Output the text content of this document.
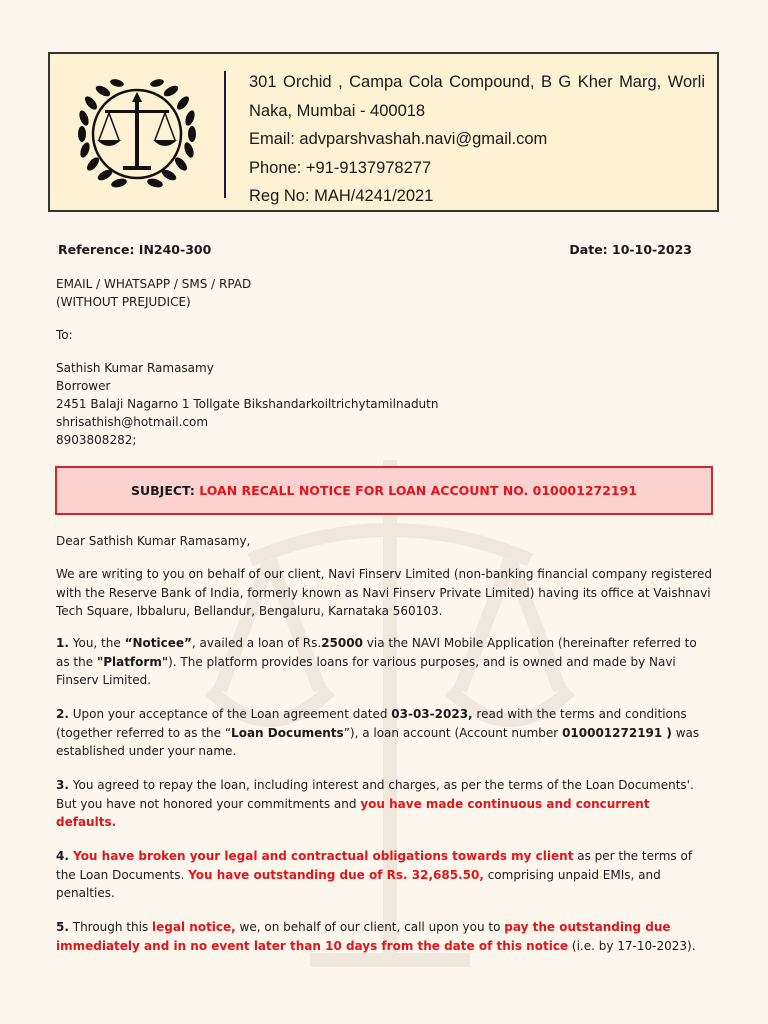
301 Orchid , Campa Cola Compound, B G Kher Marg, Worli
Naka, Mumbai - 400018
Email: advparshvashah.navi@gmail.com
Phone: +91-9137978277
Reg No: MAH/4241/2021
Reference: IN240-300	Date: 10-10-2023
EMAIL / WHATSAPP / SMS / RPAD
(WITHOUT PREJUDICE)
To:
Sathish Kumar Ramasamy
Borrower
2451 Balaji Nagarno 1 Tollgate Bikshandarkoiltrichytamilnadutn
shrisathish@hotmail.com
8903808282;
SUBJECT: LOAN RECALL NOTICE FOR LOAN ACCOUNT NO. 010001272191
Dear Sathish Kumar Ramasamy,
We are writing to you on behalf of our client, Navi Finserv Limited (non-banking financial company registered with the Reserve Bank of India, formerly known as Navi Finserv Private Limited) having its office at Vaishnavi Tech Square, Ibbaluru, Bellandur, Bengaluru, Karnataka 560103.
1. You, the “Noticee”, availed a loan of Rs.25000 via the NAVI Mobile Application (hereinafter referred to as the "Platform"). The platform provides loans for various purposes, and is owned and made by Navi Finserv Limited.
2. Upon your acceptance of the Loan agreement dated 03-03-2023, read with the terms and conditions (together referred to as the “Loan Documents”), a loan account (Account number 010001272191 ) was established under your name.
3. You agreed to repay the loan, including interest and charges, as per the terms of the Loan Documents'. But you have not honored your commitments and you have made continuous and concurrent defaults.
4. You have broken your legal and contractual obligations towards my client as per the terms of the Loan Documents. You have outstanding due of Rs. 32,685.50, comprising unpaid EMIs, and penalties.
5. Through this legal notice, we, on behalf of our client, call upon you to pay the outstanding due immediately and in no event later than 10 days from the date of this notice (i.e. by 17-10-2023).
